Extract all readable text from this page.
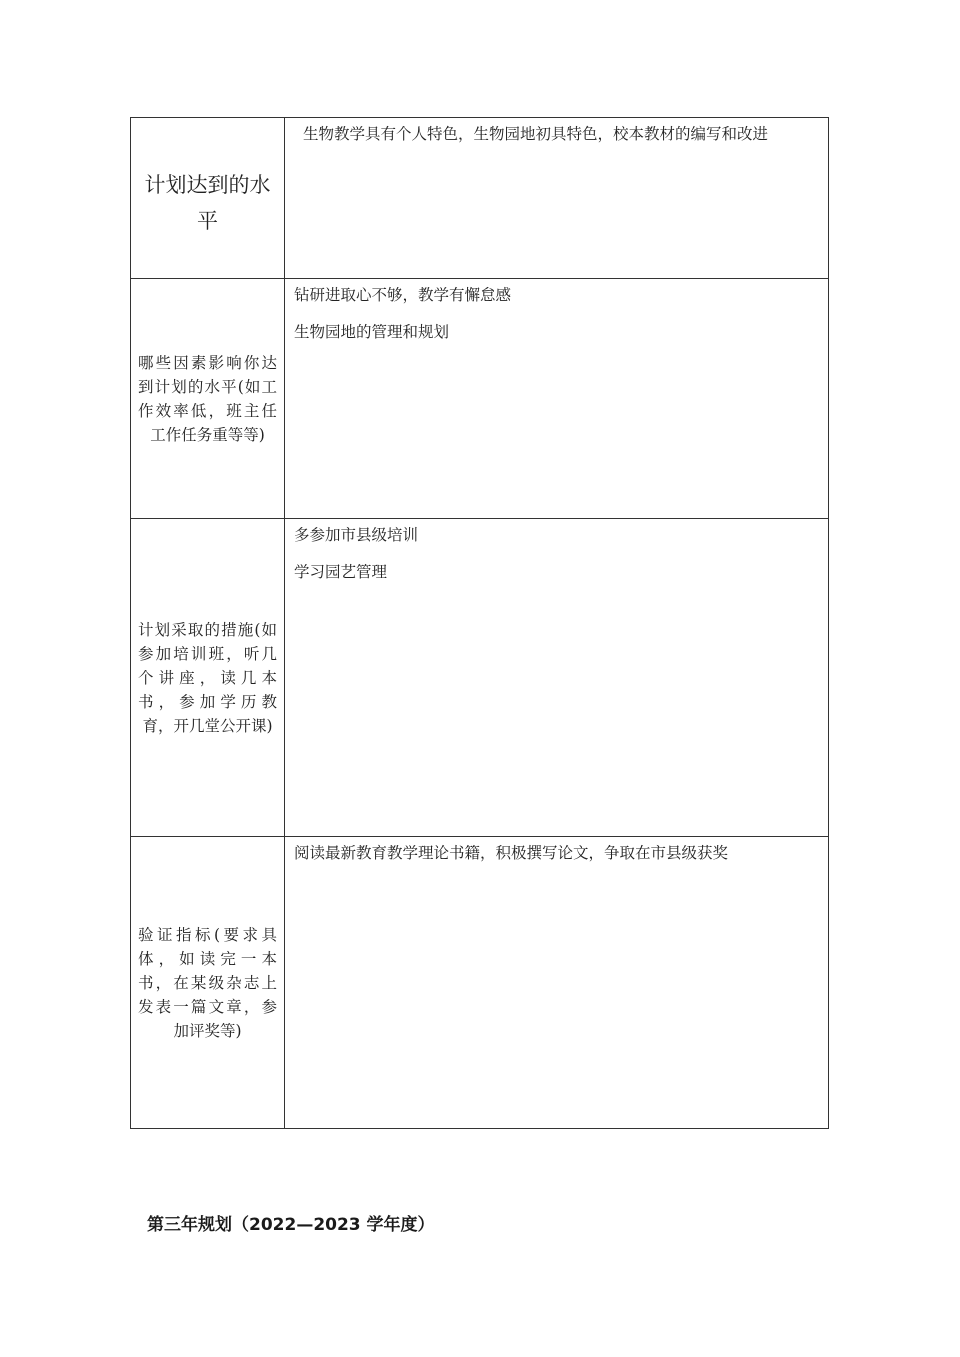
计划达到的水平	生物教学具有个人特色，生物园地初具特色，校本教材的编写和改进

哪些因素影响你达到计划的水平(如工作效率低，班主任工作任务重等等)	钻研进取心不够，教学有懈怠感
生物园地的管理和规划

计划采取的措施(如参加培训班，听几个讲座，读几本书，参加学历教育，开几堂公开课)	多参加市县级培训
学习园艺管理

验证指标(要求具体，如读完一本书，在某级杂志上发表一篇文章，参加评奖等)	阅读最新教育教学理论书籍，积极撰写论文，争取在市县级获奖
第三年规划（2022—2023 学年度）
